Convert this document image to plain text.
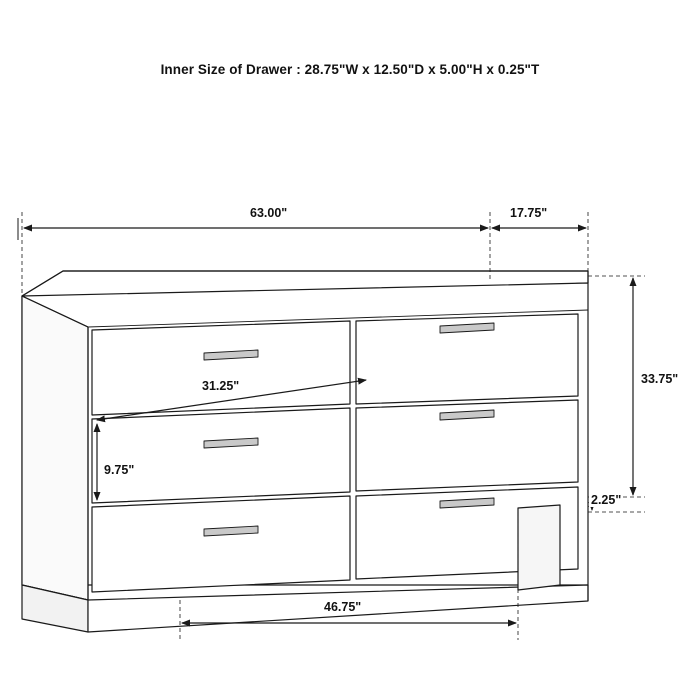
Inner Size of Drawer : 28.75"W x 12.50"D x 5.00"H x 0.25"T
63.00"	17.75"
33.75"
31.25"
9.75"
2.25"
46.75"
